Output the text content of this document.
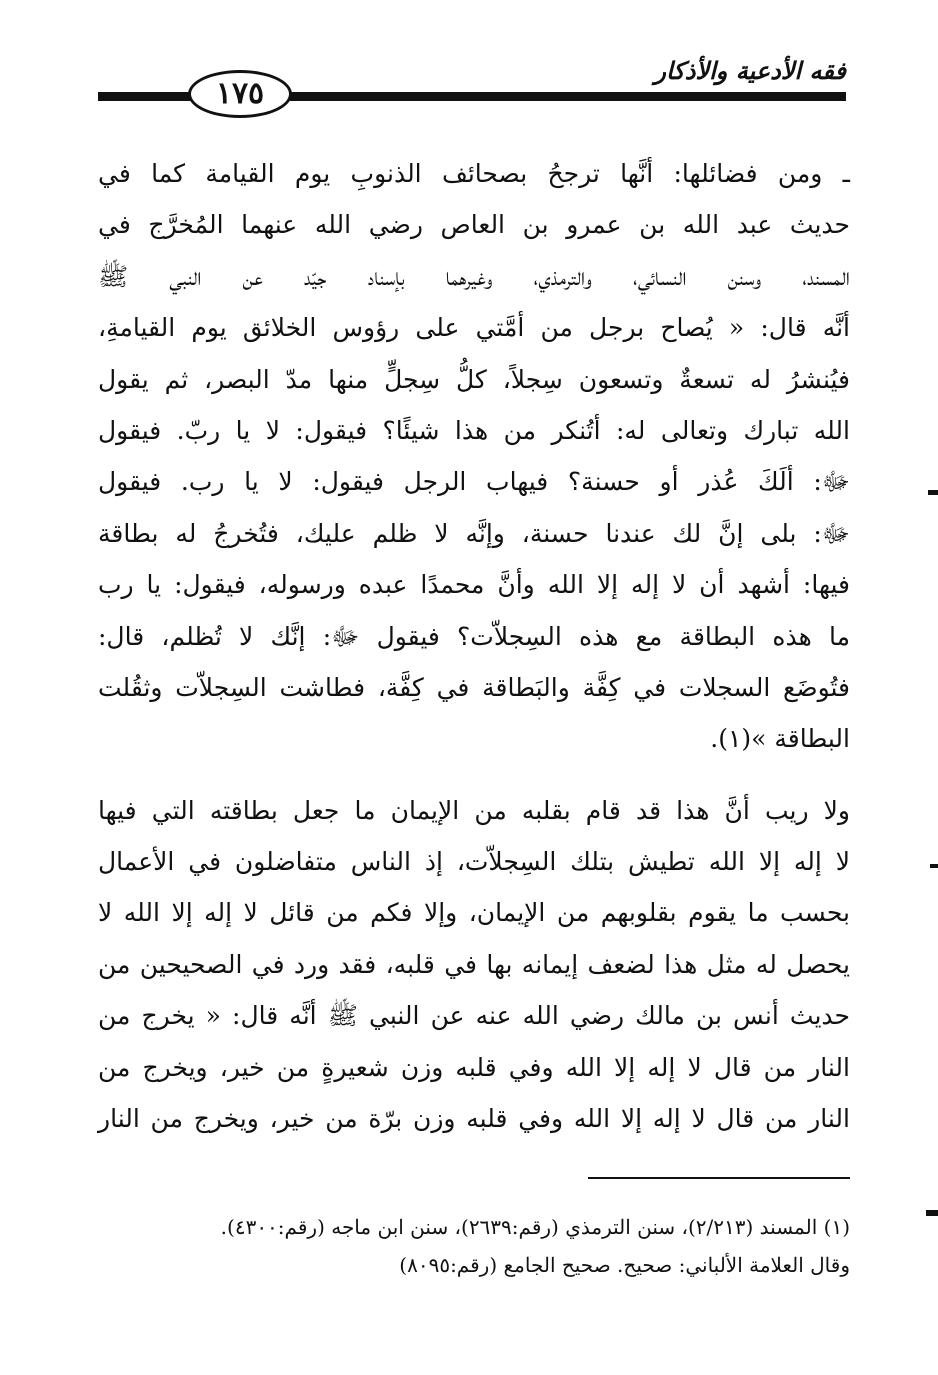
فقه الأدعية والأذكار
١٧٥
ـ ومن فضائلها: أنَّها ترجحُ بصحائف الذنوبِ يوم القيامة كما في
حديث عبد الله بن عمرو بن العاص رضي الله عنهما المُخرَّج في
المسند، وسنن النسائي، والترمذي، وغيرهما بإسناد جيّد عن النبي ﷺ
أنَّه قال: « يُصاح برجل من أمَّتي على رؤوس الخلائق يوم القيامةِ،
فيُنشرُ له تسعةٌ وتسعون سِجلاً، كلُّ سِجلٍّ منها مدّ البصر، ثم يقول
الله تبارك وتعالى له: أتُنكر من هذا شيئًا؟ فيقول: لا يا ربّ. فيقول
ﷻ: ألَكَ عُذر أو حسنة؟ فيهاب الرجل فيقول: لا يا رب. فيقول
ﷻ: بلى إنَّ لك عندنا حسنة، وإنَّه لا ظلم عليك، فتُخرجُ له بطاقة
فيها: أشهد أن لا إله إلا الله وأنَّ محمدًا عبده ورسوله، فيقول: يا رب
ما هذه البطاقة مع هذه السِجلاّت؟ فيقول ﷻ: إنَّك لا تُظلم، قال:
فتُوضَع السجلات في كِفَّة والبَطاقة في كِفَّة، فطاشت السِجلاّت وثقُلت
البطاقة »(١).
ولا ريب أنَّ هذا قد قام بقلبه من الإيمان ما جعل بطاقته التي فيها
لا إله إلا الله تطيش بتلك السِجلاّت، إذ الناس متفاضلون في الأعمال
بحسب ما يقوم بقلوبهم من الإيمان، وإلا فكم من قائل لا إله إلا الله لا
يحصل له مثل هذا لضعف إيمانه بها في قلبه، فقد ورد في الصحيحين من
حديث أنس بن مالك رضي الله عنه عن النبي ﷺ أنَّه قال: « يخرج من
النار من قال لا إله إلا الله وفي قلبه وزن شعيرةٍ من خير، ويخرج من
النار من قال لا إله إلا الله وفي قلبه وزن برّة من خير، ويخرج من النار
(١) المسند (٢/٢١٣)، سنن الترمذي (رقم:٢٦٣٩)، سنن ابن ماجه (رقم:٤٣٠٠).
وقال العلامة الألباني: صحيح. صحيح الجامع (رقم:٨٠٩٥)
